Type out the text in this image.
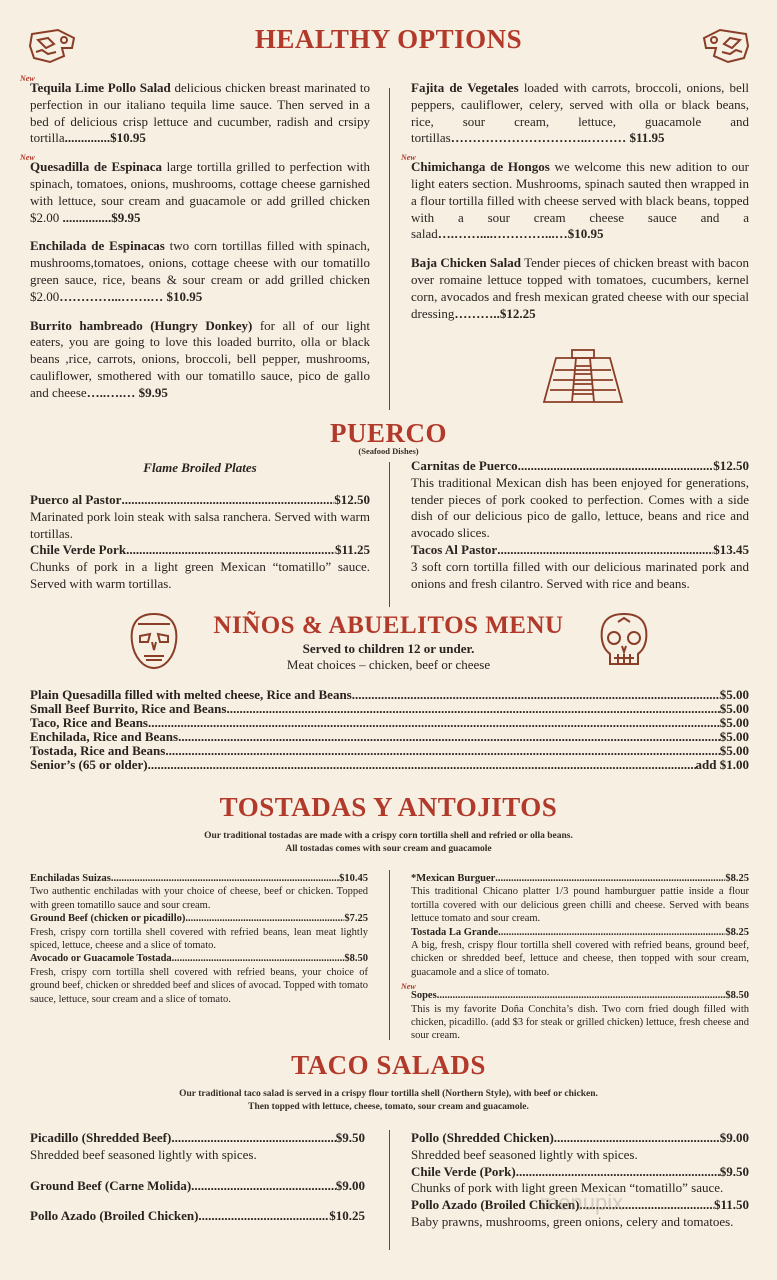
HEALTHY OPTIONS
New
Tequila Lime Pollo Salad delicious chicken breast marinated to perfection in our italiano tequila lime sauce. Then served in a bed of delicious crisp lettuce and cucumber, radish and crsipy tortilla..............$10.95
New
Quesadilla de Espinaca large tortilla grilled to perfection with spinach, tomatoes, onions, mushrooms, cottage cheese garnished with lettuce, sour cream and guacamole or add grilled chicken $2.00 ...............$9.95
Enchilada de Espinacas two corn tortillas filled with spinach, mushrooms,tomatoes, onions, cottage cheese with our tomatillo green sauce, rice, beans & sour cream or add grilled chicken $2.00…………...…….… $10.95
Burrito hambreado (Hungry Donkey) for all of our light eaters, you are going to love this loaded burrito, olla or black beans ,rice, carrots, onions, broccoli, bell pepper, mushrooms, cauliflower, smothered with our tomatillo sauce, pico de gallo and cheese…..….… $9.95
Fajita de Vegetales loaded with carrots, broccoli, onions, bell peppers, cauliflower, celery, served with olla or black beans, rice, sour cream, lettuce, guacamole and tortillas…………………………..……… $11.95
New
Chimichanga de Hongos we welcome this new adition to our light eaters section. Mushrooms, spinach sauted then wrapped in a flour tortilla filled with cheese served with black beans, topped with a sour cream cheese sauce and a salad….……....…………...…$10.95
Baja Chicken Salad Tender pieces of chicken breast with bacon over romaine lettuce topped with tomatoes, cucumbers, kernel corn, avocados and fresh mexican grated cheese with our special dressing………..$12.25
PUERCO
(Seafood Dishes)
Flame Broiled Plates
Puerco al Pastor .....	$12.50

Marinated pork loin steak with salsa ranchera. Served with warm tortillas.

Chile Verde Pork .....	$11.25

Chunks of pork in a light green Mexican “tomatillo” sauce. Served with warm tortillas.

Carnitas de Puerco .....	$12.50

This traditional Mexican dish has been enjoyed for generations, tender pieces of pork cooked to perfection. Comes with a side dish of our delicious pico de gallo, lettuce, beans and rice and avocado slices.

Tacos Al Pastor .....	$13.45

3 soft corn tortilla filled with our delicious marinated pork and onions and fresh cilantro. Served with rice and beans.

NIÑOS & ABUELITOS MENU
Served to children 12 or under.
Meat choices – chicken, beef or cheese
Plain Quesadilla filled with melted cheese, Rice and Beans .....	$5.00
Small Beef Burrito, Rice and Beans .....	$5.00
Taco, Rice and Beans .....	$5.00
Enchilada, Rice and Beans .....	$5.00
Tostada, Rice and Beans .....	$5.00
Senior’s (65 or older) .....	add $1.00
TOSTADAS Y ANTOJITOS
Our traditional tostadas are made with a crispy corn tortilla shell and refried or olla beans.
All tostadas comes with sour cream and guacamole
Enchiladas Suizas .....	$10.45

Two authentic enchiladas with your choice of cheese, beef or chicken. Topped with green tomatillo sauce and sour cream.

Ground Beef (chicken or picadillo) .....	$7.25

Fresh, crispy corn tortilla shell covered with refried beans, lean meat lightly spiced, lettuce, cheese and a slice of tomato.

Avocado or Guacamole Tostada .....	$8.50

Fresh, crispy corn tortilla shell covered with refried beans, your choice of ground beef, chicken or shredded beef and slices of avocad. Topped with tomato sauce, lettuce, sour cream and a slice of tomato.

*Mexican Burguer .....	$8.25

This traditional Chicano platter 1/3 pound hamburguer pattie inside a flour tortilla covered with our delicious green chilli and cheese. Served with beans lettuce tomato and sour cream.

Tostada La Grande .....	$8.25

A big, fresh, crispy flour tortilla shell covered with refried beans, ground beef, chicken or shredded beef, lettuce and cheese, then topped with sour cream, guacamole and a slice of tomato.

New
Sopes .....	$8.50

This is my favorite Doña Conchita’s dish. Two corn fried dough filled with chicken, picadillo. (add $3 for steak or grilled chicken) lettuce, fresh cheese and sour cream.

TACO SALADS
Our traditional taco salad is served in a crispy flour tortilla shell (Northern Style), with beef or chicken.
Then topped with lettuce, cheese, tomato, sour cream and guacamole.
Picadillo (Shredded Beef) .....	$9.50

Shredded beef seasoned lightly with spices.

Ground Beef (Carne Molida) .....	$9.00
Pollo Azado (Broiled Chicken) .....	$10.25
Pollo (Shredded Chicken) .....	$9.00

Shredded beef seasoned lightly with spices.

Chile Verde (Pork) .....	$9.50

Chunks of pork with light green Mexican “tomatillo” sauce.

Pollo Azado (Broiled Chicken) .....	$11.50

Baby prawns, mushrooms, green onions, celery and tomatoes.

menupix
